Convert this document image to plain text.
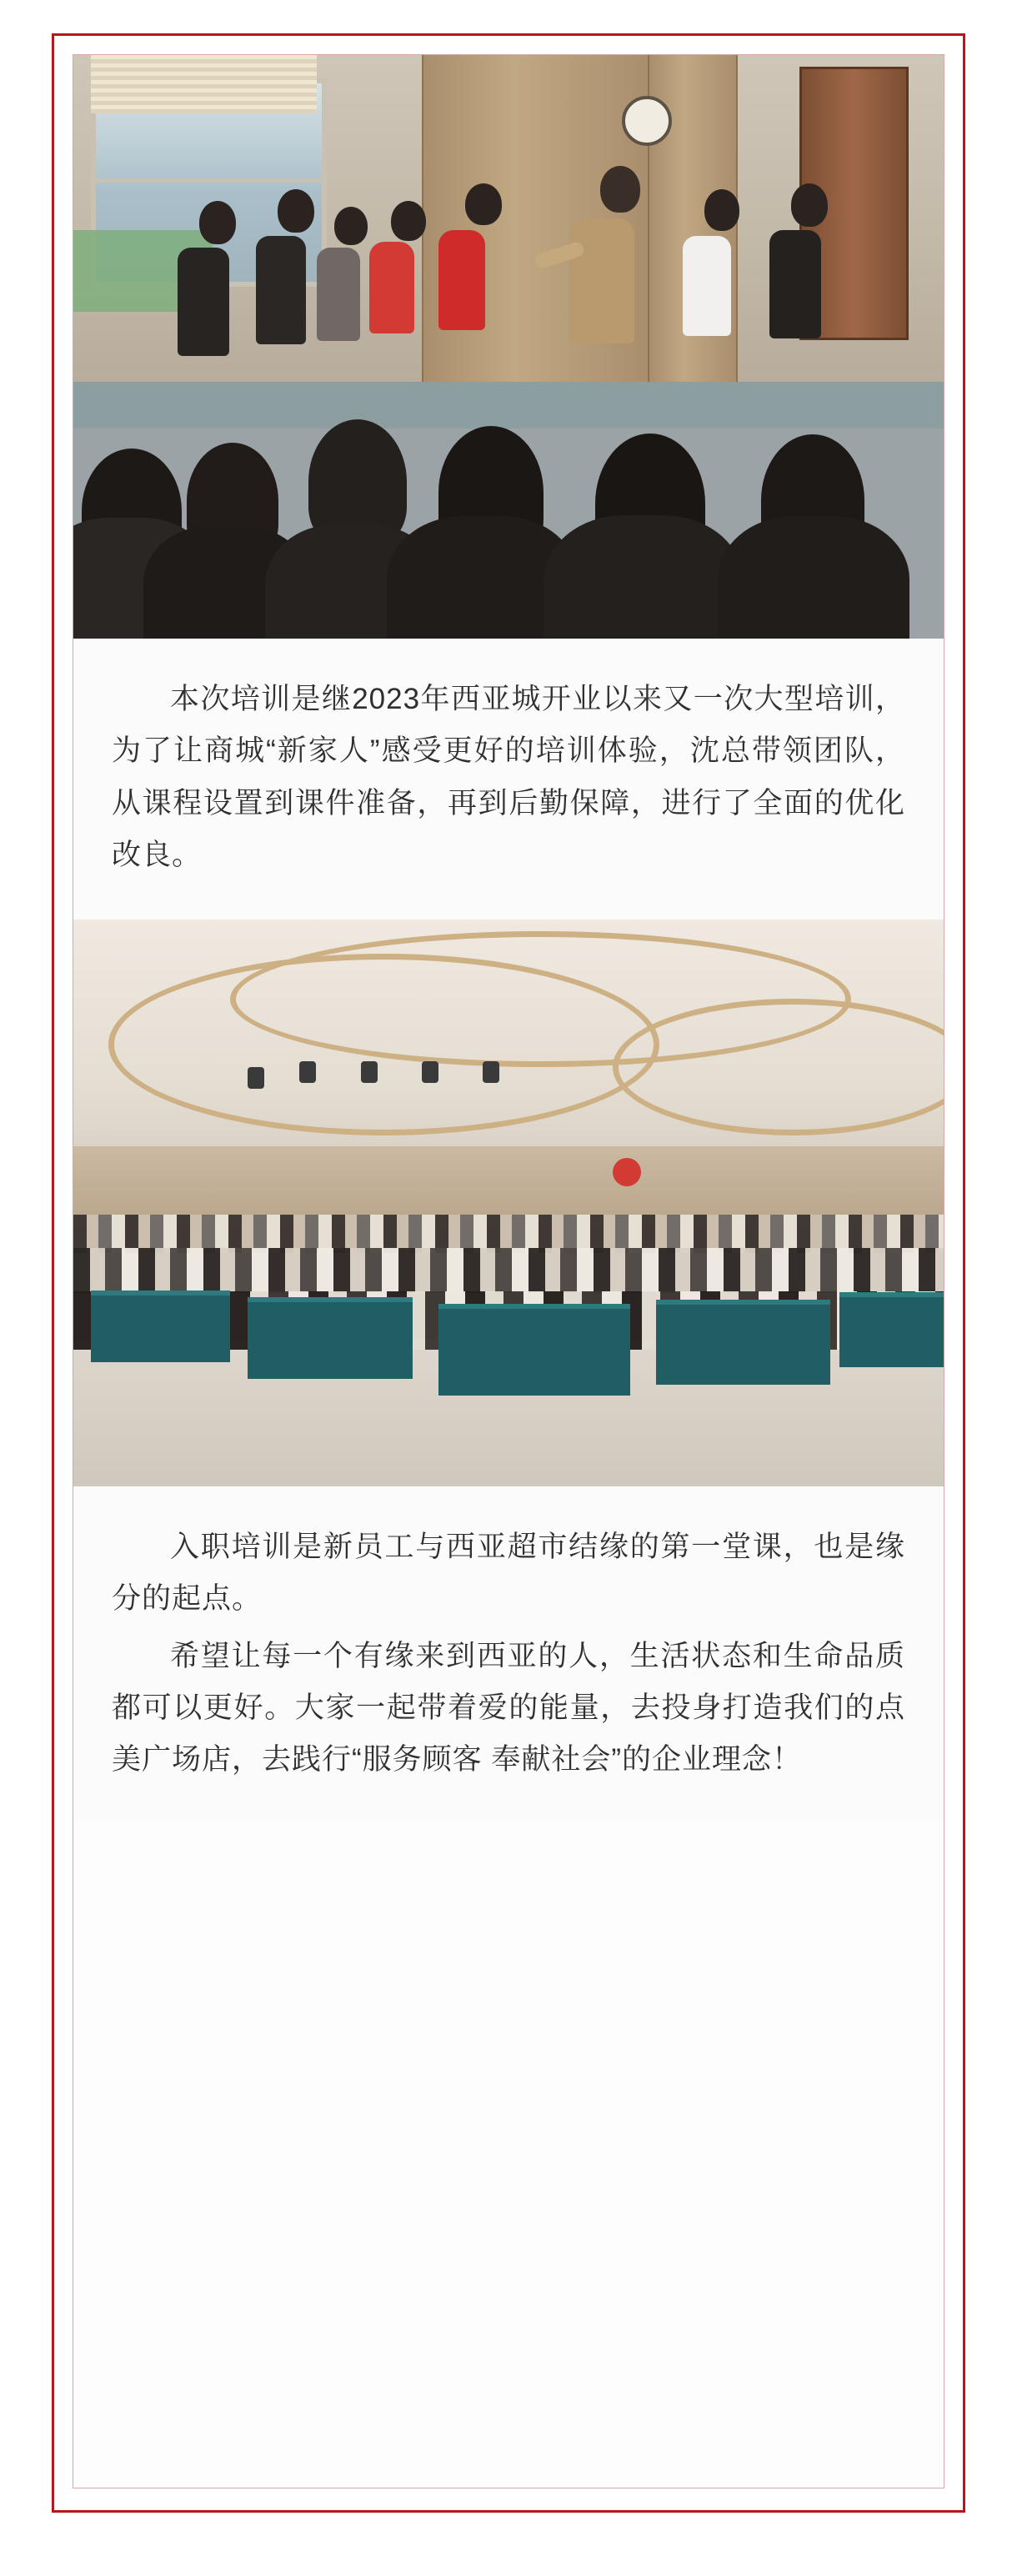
本次培训是继2023年西亚城开业以来又一次大型培训，为了让商城“新家人”感受更好的培训体验，沈总带领团队，从课程设置到课件准备，再到后勤保障，进行了全面的优化改良。

入职培训是新员工与西亚超市结缘的第一堂课，也是缘分的起点。

希望让每一个有缘来到西亚的人，生活状态和生命品质都可以更好。大家一起带着爱的能量，去投身打造我们的点美广场店，去践行“服务顾客 奉献社会”的企业理念！
